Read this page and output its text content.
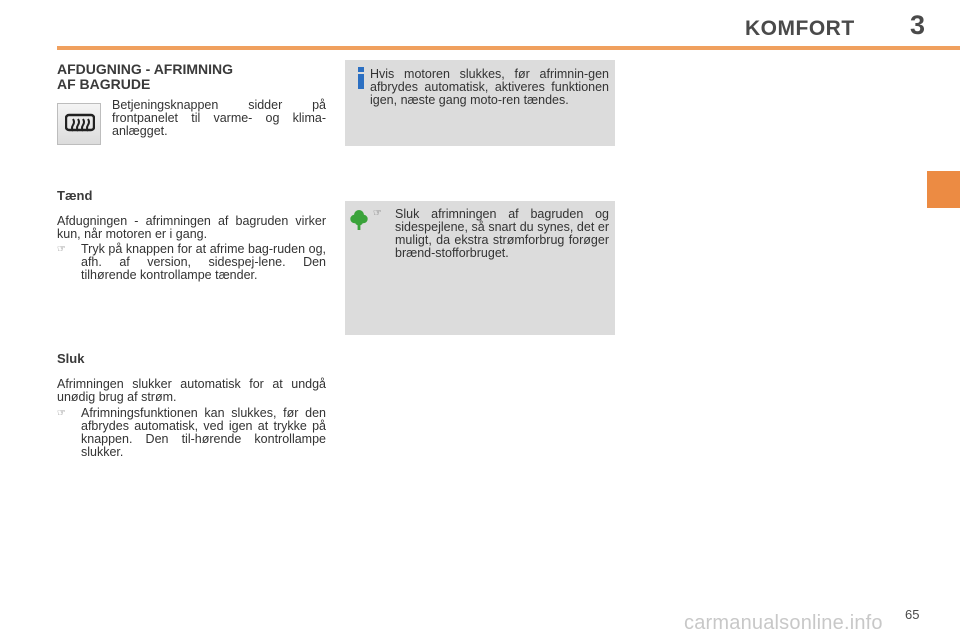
KOMFORT 3
AFDUGNING - AFRIMNING
AF BAGRUDE

Betjeningsknappen sidder på frontpanelet til varme- og klima-anlægget.

Tænd

Afdugningen - afrimningen af bagruden virker kun, når motoren er i gang.

☞ Tryk på knappen for at afrime bag-ruden og, afh. af version, sidespej-lene. Den tilhørende kontrollampe tænder.
Sluk

Afrimningen slukker automatisk for at undgå unødig brug af strøm.

☞ Afrimningsfunktionen kan slukkes, før den afbrydes automatisk, ved igen at trykke på knappen. Den til-hørende kontrollampe slukker.

Hvis motoren slukkes, før afrimnin-gen afbrydes automatisk, aktiveres funktionen igen, næste gang moto-ren tændes.

☞ Sluk afrimningen af bagruden og sidespejlene, så snart du synes, det er muligt, da ekstra strømforbrug forøger brænd-stofforbruget.

65
carmanualsonline.info
